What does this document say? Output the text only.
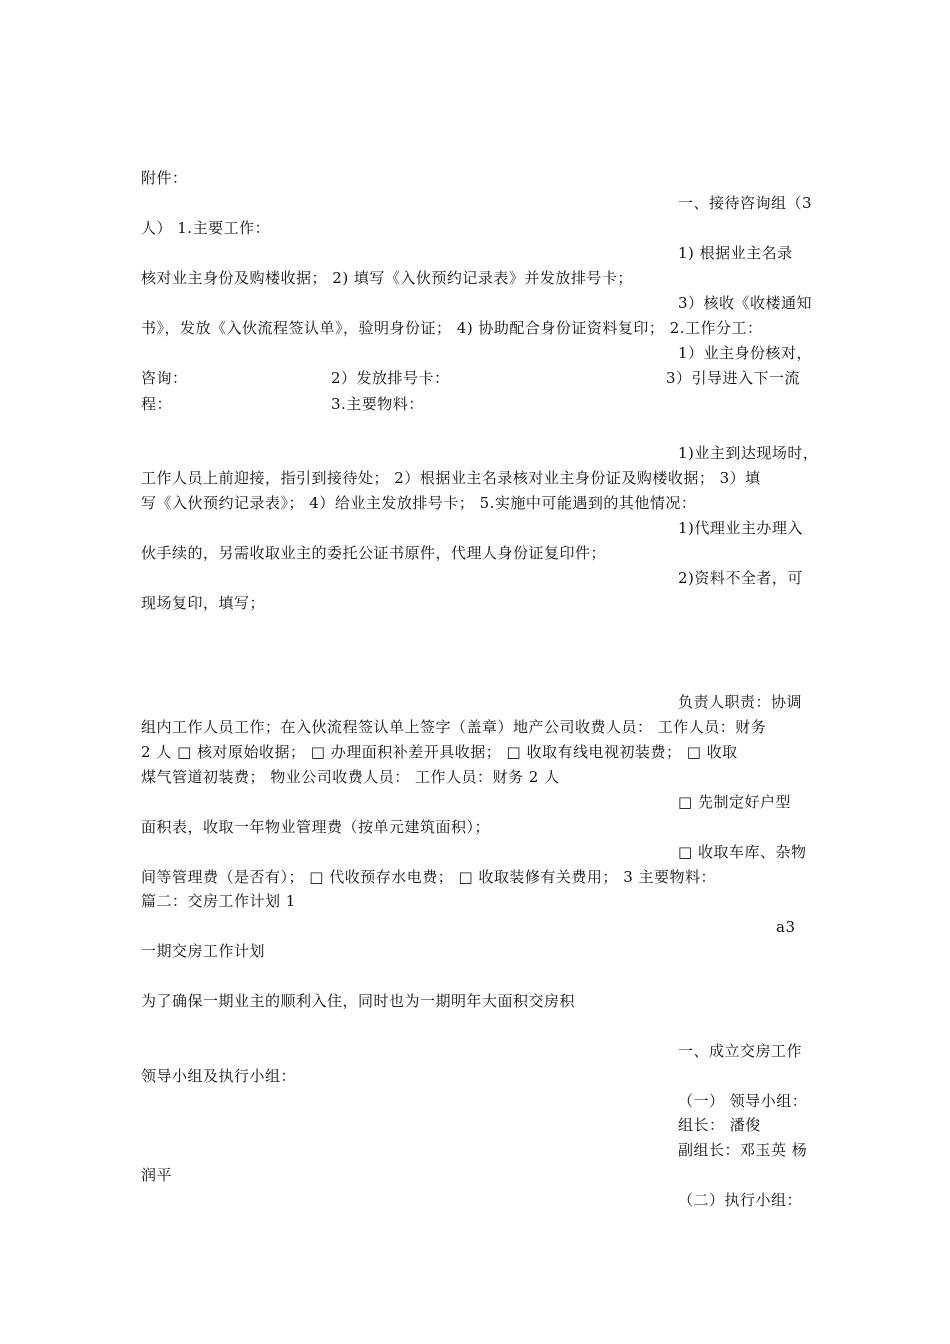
附件：
一、接待咨询组（3
人） 1.主要工作：
1) 根据业主名录
核对业主身份及购楼收据； 2) 填写《入伙预约记录表》并发放排号卡；
3）核收《收楼通知
书》，发放《入伙流程签认单》，验明身份证； 4) 协助配合身份证资料复印； 2.工作分工：
1）业主身份核对，
咨询：	2）发放排号卡：	3）引导进入下一流
程：	3.主要物料：
1)业主到达现场时，
工作人员上前迎接，指引到接待处； 2）根据业主名录核对业主身份证及购楼收据； 3）填
写《入伙预约记录表》； 4）给业主发放排号卡； 5.实施中可能遇到的其他情况：
1)代理业主办理入
伙手续的，另需收取业主的委托公证书原件，代理人身份证复印件；
2)资料不全者，可
现场复印，填写；
负责人职责：协调
组内工作人员工作；在入伙流程签认单上签字（盖章）地产公司收费人员： 工作人员：财务
2 人 □ 核对原始收据； □ 办理面积补差开具收据； □ 收取有线电视初装费； □ 收取
煤气管道初装费； 物业公司收费人员： 工作人员：财务 2 人
□ 先制定好户型
面积表，收取一年物业管理费（按单元建筑面积）；
□ 收取车库、杂物
间等管理费（是否有）； □ 代收预存水电费； □ 收取装修有关费用； 3 主要物料：
篇二：交房工作计划 1
a3
一期交房工作计划
为了确保一期业主的顺利入住，同时也为一期明年大面积交房积
一、成立交房工作
领导小组及执行小组：
（一） 领导小组：
组长： 潘俊
副组长：邓玉英 杨
润平
（二）执行小组：
